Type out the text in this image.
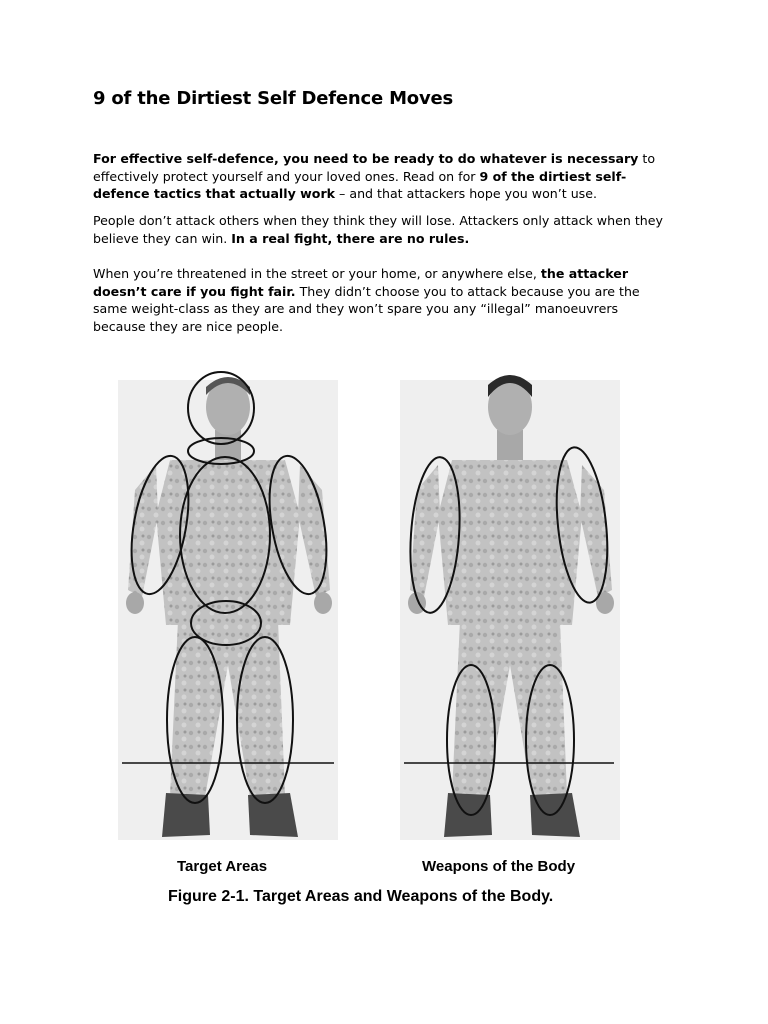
9 of the Dirtiest Self Defence Moves

For effective self-defence, you need to be ready to do whatever is necessary to effectively protect yourself and your loved ones. Read on for 9 of the dirtiest self-defence tactics that actually work – and that attackers hope you won’t use.

People don’t attack others when they think they will lose. Attackers only attack when they believe they can win. In a real fight, there are no rules.

When you’re threatened in the street or your home, or anywhere else, the attacker doesn’t care if you fight fair. They didn’t choose you to attack because you are the same weight-class as they are and they won’t spare you any “illegal” manoeuvrers because they are nice people.

Target Areas	Weapons of the Body
Figure 2-1. Target Areas and Weapons of the Body.
